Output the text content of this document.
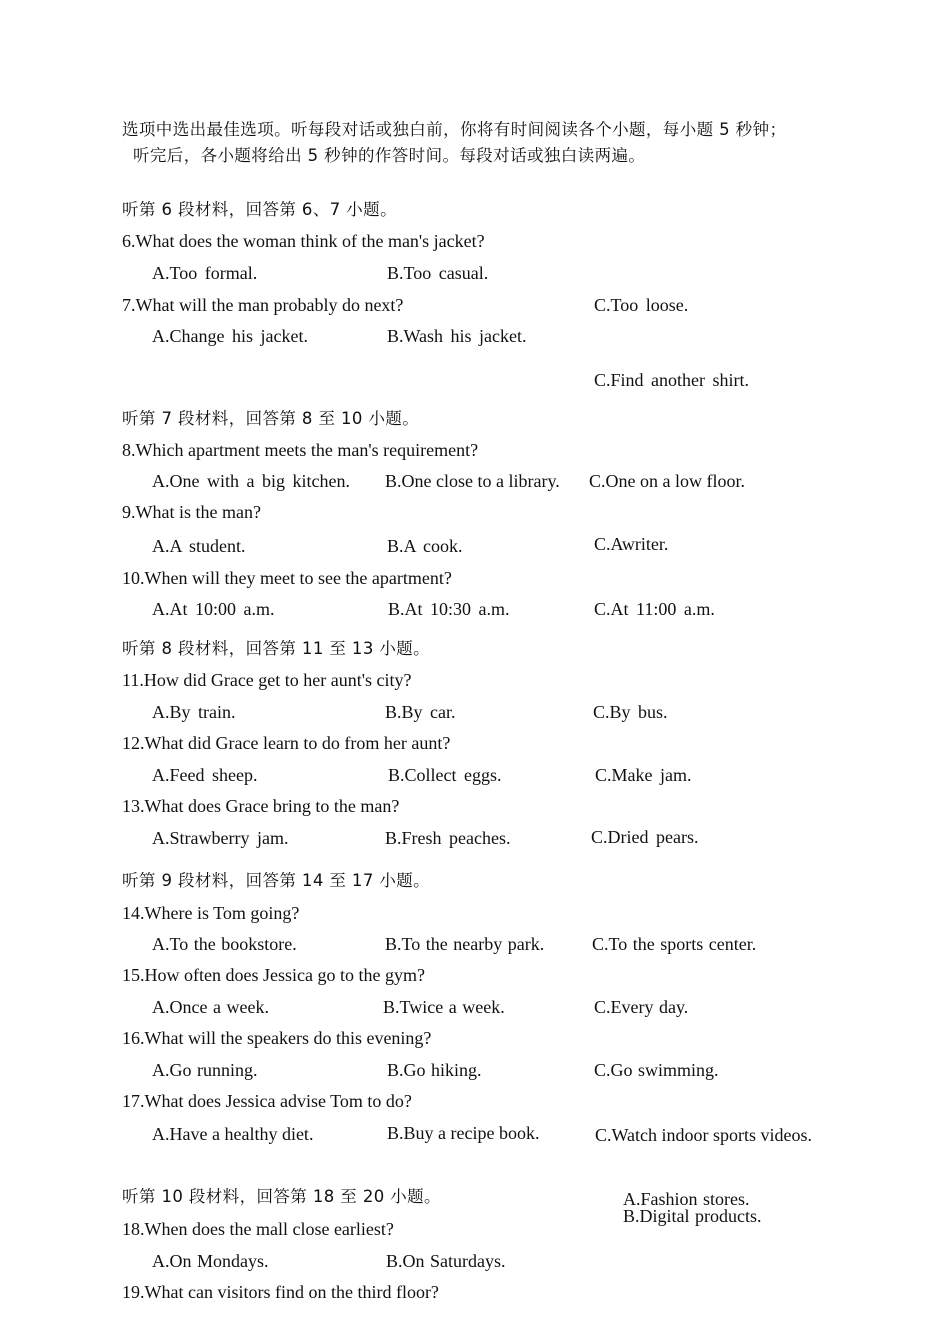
选项中选出最佳选项。听每段对话或独白前，你将有时间阅读各个小题，每小题 5 秒钟；
听完后，各小题将给出 5 秒钟的作答时间。每段对话或独白读两遍。
听第 6 段材料，回答第 6、7 小题。
6.What does the woman think of the man's jacket?
A.Too formal.	B.Too casual.
C.Too loose.
7.What will the man probably do next?
A.Change his jacket.	B.Wash his jacket.
C.Find another shirt.
听第 7 段材料，回答第 8 至 10 小题。
8.Which apartment meets the man's requirement?
A.One with a big kitchen. B.One close to a library. C.One on a low floor.
9.What is the man?
A.A student.	B.A cook.	C.Awriter.
10.When will they meet to see the apartment?
A.At 10:00 a.m.	B.At 10:30 a.m.	C.At 11:00 a.m.
听第 8 段材料，回答第 11 至 13 小题。
11.How did Grace get to her aunt's city?
A.By train.	B.By car.	C.By bus.
12.What did Grace learn to do from her aunt?
A.Feed sheep.	B.Collect eggs.	C.Make jam.
13.What does Grace bring to the man?
A.Strawberry jam.	B.Fresh peaches.	C.Dried pears.
听第 9 段材料，回答第 14 至 17 小题。
14.Where is Tom going?
A.To the bookstore.	B.To the nearby park.	C.To the sports center.
15.How often does Jessica go to the gym?
A.Once a week.	B.Twice a week.	C.Every day.
16.What will the speakers do this evening?
A.Go running.	B.Go hiking.	C.Go swimming.
17.What does Jessica advise Tom to do?
A.Have a healthy diet.	B.Buy a recipe book.	C.Watch indoor sports videos.
听第 10 段材料，回答第 18 至 20 小题。
18.When does the mall close earliest?
A.On Mondays.	B.On Saturdays.
19.What can visitors find on the third floor?
A.Fashion stores.
B.Digital products.
